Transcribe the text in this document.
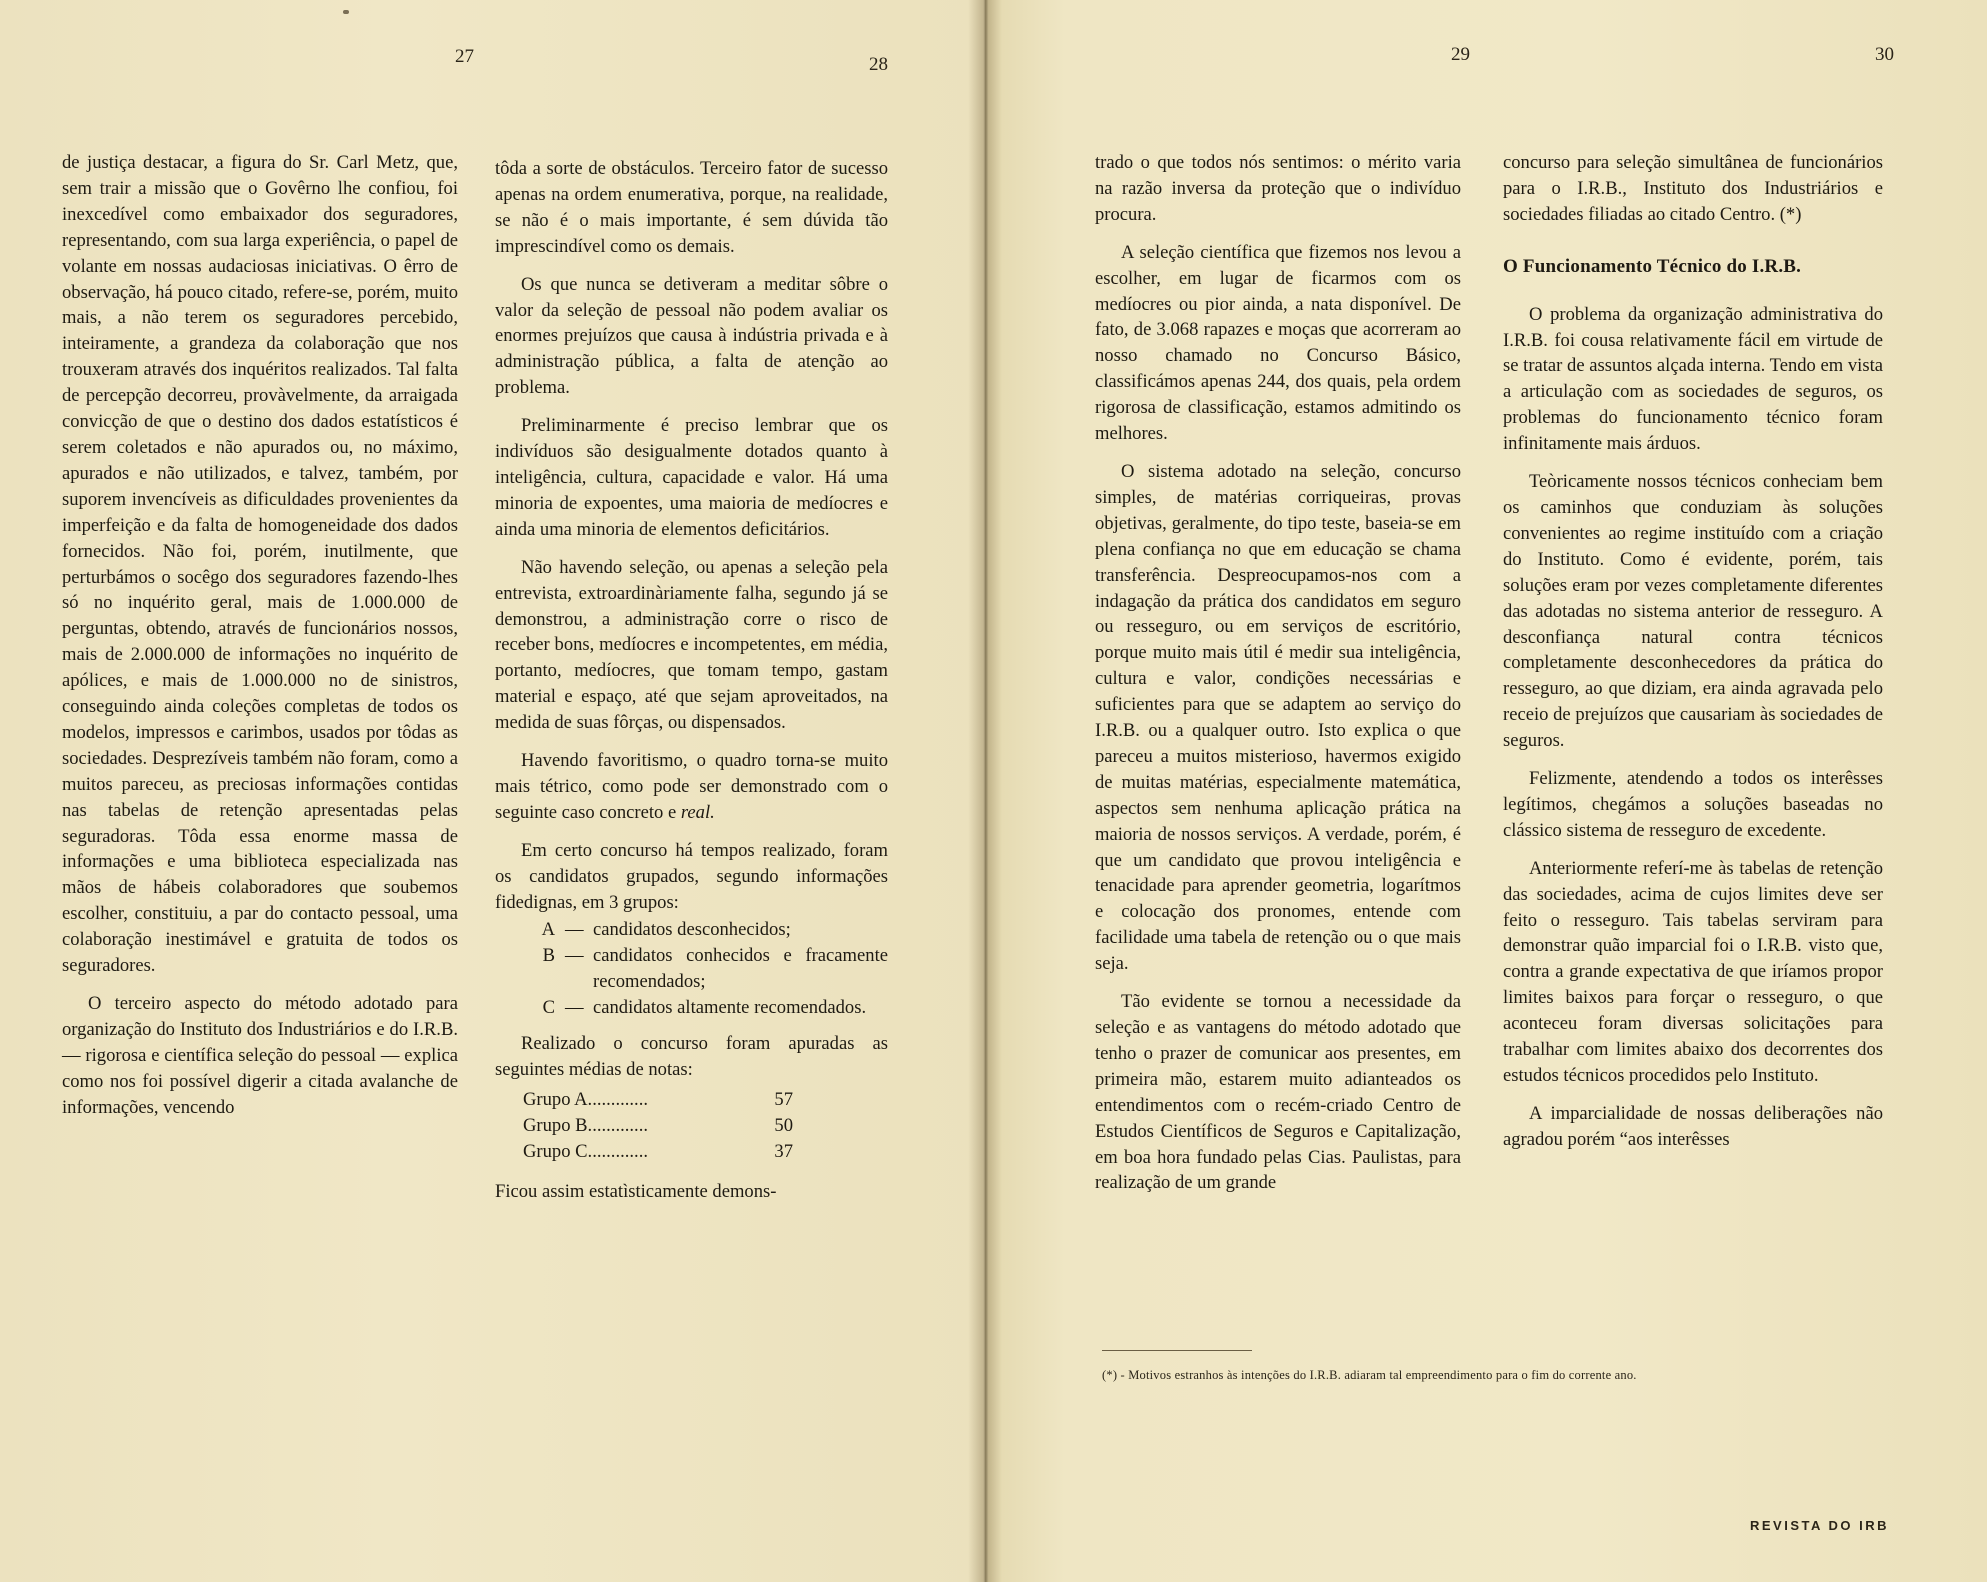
27	28

de justiça destacar, a figura do Sr. Carl Metz, que, sem trair a missão que o Govêrno lhe confiou, foi inexcedível como embaixador dos seguradores, representando, com sua larga experiência, o papel de volante em nossas audaciosas iniciativas. O êrro de observação, há pouco citado, refere-se, porém, muito mais, a não terem os seguradores percebido, inteiramente, a grandeza da colaboração que nos trouxeram através dos inquéritos realizados. Tal falta de percepção decorreu, provàvelmente, da arraigada convicção de que o destino dos dados estatísticos é serem coletados e não apurados ou, no máximo, apurados e não utilizados, e talvez, também, por suporem invencíveis as dificuldades provenientes da imperfeição e da falta de homogeneidade dos dados fornecidos. Não foi, porém, inutilmente, que perturbámos o socêgo dos seguradores fazendo-lhes só no inquérito geral, mais de 1.000.000 de perguntas, obtendo, através de funcionários nossos, mais de 2.000.000 de informações no inquérito de apólices, e mais de 1.000.000 no de sinistros, conseguindo ainda coleções completas de todos os modelos, impressos e carimbos, usados por tôdas as sociedades. Desprezíveis também não foram, como a muitos pareceu, as preciosas informações contidas nas tabelas de retenção apresentadas pelas seguradoras. Tôda essa enorme massa de informações e uma biblioteca especializada nas mãos de hábeis colaboradores que soubemos escolher, constituiu, a par do contacto pessoal, uma colaboração inestimável e gratuita de todos os seguradores.

O terceiro aspecto do método adotado para organização do Instituto dos Industriários e do I.R.B. — rigorosa e científica seleção do pessoal — explica como nos foi possível digerir a citada avalanche de informações, vencendo

tôda a sorte de obstáculos. Terceiro fator de sucesso apenas na ordem enumerativa, porque, na realidade, se não é o mais importante, é sem dúvida tão imprescindível como os demais.

Os que nunca se detiveram a meditar sôbre o valor da seleção de pessoal não podem avaliar os enormes prejuízos que causa à indústria privada e à administração pública, a falta de atenção ao problema.

Preliminarmente é preciso lembrar que os indivíduos são desigualmente dotados quanto à inteligência, cultura, capacidade e valor. Há uma minoria de expoentes, uma maioria de medíocres e ainda uma minoria de elementos deficitários.

Não havendo seleção, ou apenas a seleção pela entrevista, extroardinàriamente falha, segundo já se demonstrou, a administração corre o risco de receber bons, medíocres e incompetentes, em média, portanto, medíocres, que tomam tempo, gastam material e espaço, até que sejam aproveitados, na medida de suas fôrças, ou dispensados.

Havendo favoritismo, o quadro torna-se muito mais tétrico, como pode ser demonstrado com o seguinte caso concreto e real.

Em certo concurso há tempos realizado, foram os candidatos grupados, segundo informações fidedignas, em 3 grupos:

A — candidatos desconhecidos;
B — candidatos conhecidos e fracamente recomendados;
C — candidatos altamente recomendados.

Realizado o concurso foram apuradas as seguintes médias de notas:

Grupo A.............	57
Grupo B.............	50
Grupo C.............	37

Ficou assim estatìsticamente demons-

29	30

trado o que todos nós sentimos: o mérito varia na razão inversa da proteção que o indivíduo procura.

A seleção científica que fizemos nos levou a escolher, em lugar de ficarmos com os medíocres ou pior ainda, a nata disponível. De fato, de 3.068 rapazes e moças que acorreram ao nosso chamado no Concurso Básico, classificámos apenas 244, dos quais, pela ordem rigorosa de classificação, estamos admitindo os melhores.

O sistema adotado na seleção, concurso simples, de matérias corriqueiras, provas objetivas, geralmente, do tipo teste, baseia-se em plena confiança no que em educação se chama transferência. Despreocupamos-nos com a indagação da prática dos candidatos em seguro ou resseguro, ou em serviços de escritório, porque muito mais útil é medir sua inteligência, cultura e valor, condições necessárias e suficientes para que se adaptem ao serviço do I.R.B. ou a qualquer outro. Isto explica o que pareceu a muitos misterioso, havermos exigido de muitas matérias, especialmente matemática, aspectos sem nenhuma aplicação prática na maioria de nossos serviços. A verdade, porém, é que um candidato que provou inteligência e tenacidade para aprender geometria, logarítmos e colocação dos pronomes, entende com facilidade uma tabela de retenção ou o que mais seja.

Tão evidente se tornou a necessidade da seleção e as vantagens do método adotado que tenho o prazer de comunicar aos presentes, em primeira mão, estarem muito adianteados os entendimentos com o recém-criado Centro de Estudos Científicos de Seguros e Capitalização, em boa hora fundado pelas Cias. Paulistas, para realização de um grande

concurso para seleção simultânea de funcionários para o I.R.B., Instituto dos Industriários e sociedades filiadas ao citado Centro. (*)

O Funcionamento Técnico do I.R.B.

O problema da organização administrativa do I.R.B. foi cousa relativamente fácil em virtude de se tratar de assuntos alçada interna. Tendo em vista a articulação com as sociedades de seguros, os problemas do funcionamento técnico foram infinitamente mais árduos.

Teòricamente nossos técnicos conheciam bem os caminhos que conduziam às soluções convenientes ao regime instituído com a criação do Instituto. Como é evidente, porém, tais soluções eram por vezes completamente diferentes das adotadas no sistema anterior de resseguro. A desconfiança natural contra técnicos completamente desconhecedores da prática do resseguro, ao que diziam, era ainda agravada pelo receio de prejuízos que causariam às sociedades de seguros.

Felizmente, atendendo a todos os interêsses legítimos, chegámos a soluções baseadas no clássico sistema de resseguro de excedente.

Anteriormente referí-me às tabelas de retenção das sociedades, acima de cujos limites deve ser feito o resseguro. Tais tabelas serviram para demonstrar quão imparcial foi o I.R.B. visto que, contra a grande expectativa de que iríamos propor limites baixos para forçar o resseguro, o que aconteceu foram diversas solicitações para trabalhar com limites abaixo dos decorrentes dos estudos técnicos procedidos pelo Instituto.

A imparcialidade de nossas deliberações não agradou porém “aos interêsses

(*) - Motivos estranhos às intenções do I.R.B. adiaram tal empreendimento para o fim do corrente ano.
REVISTA DO IRB
